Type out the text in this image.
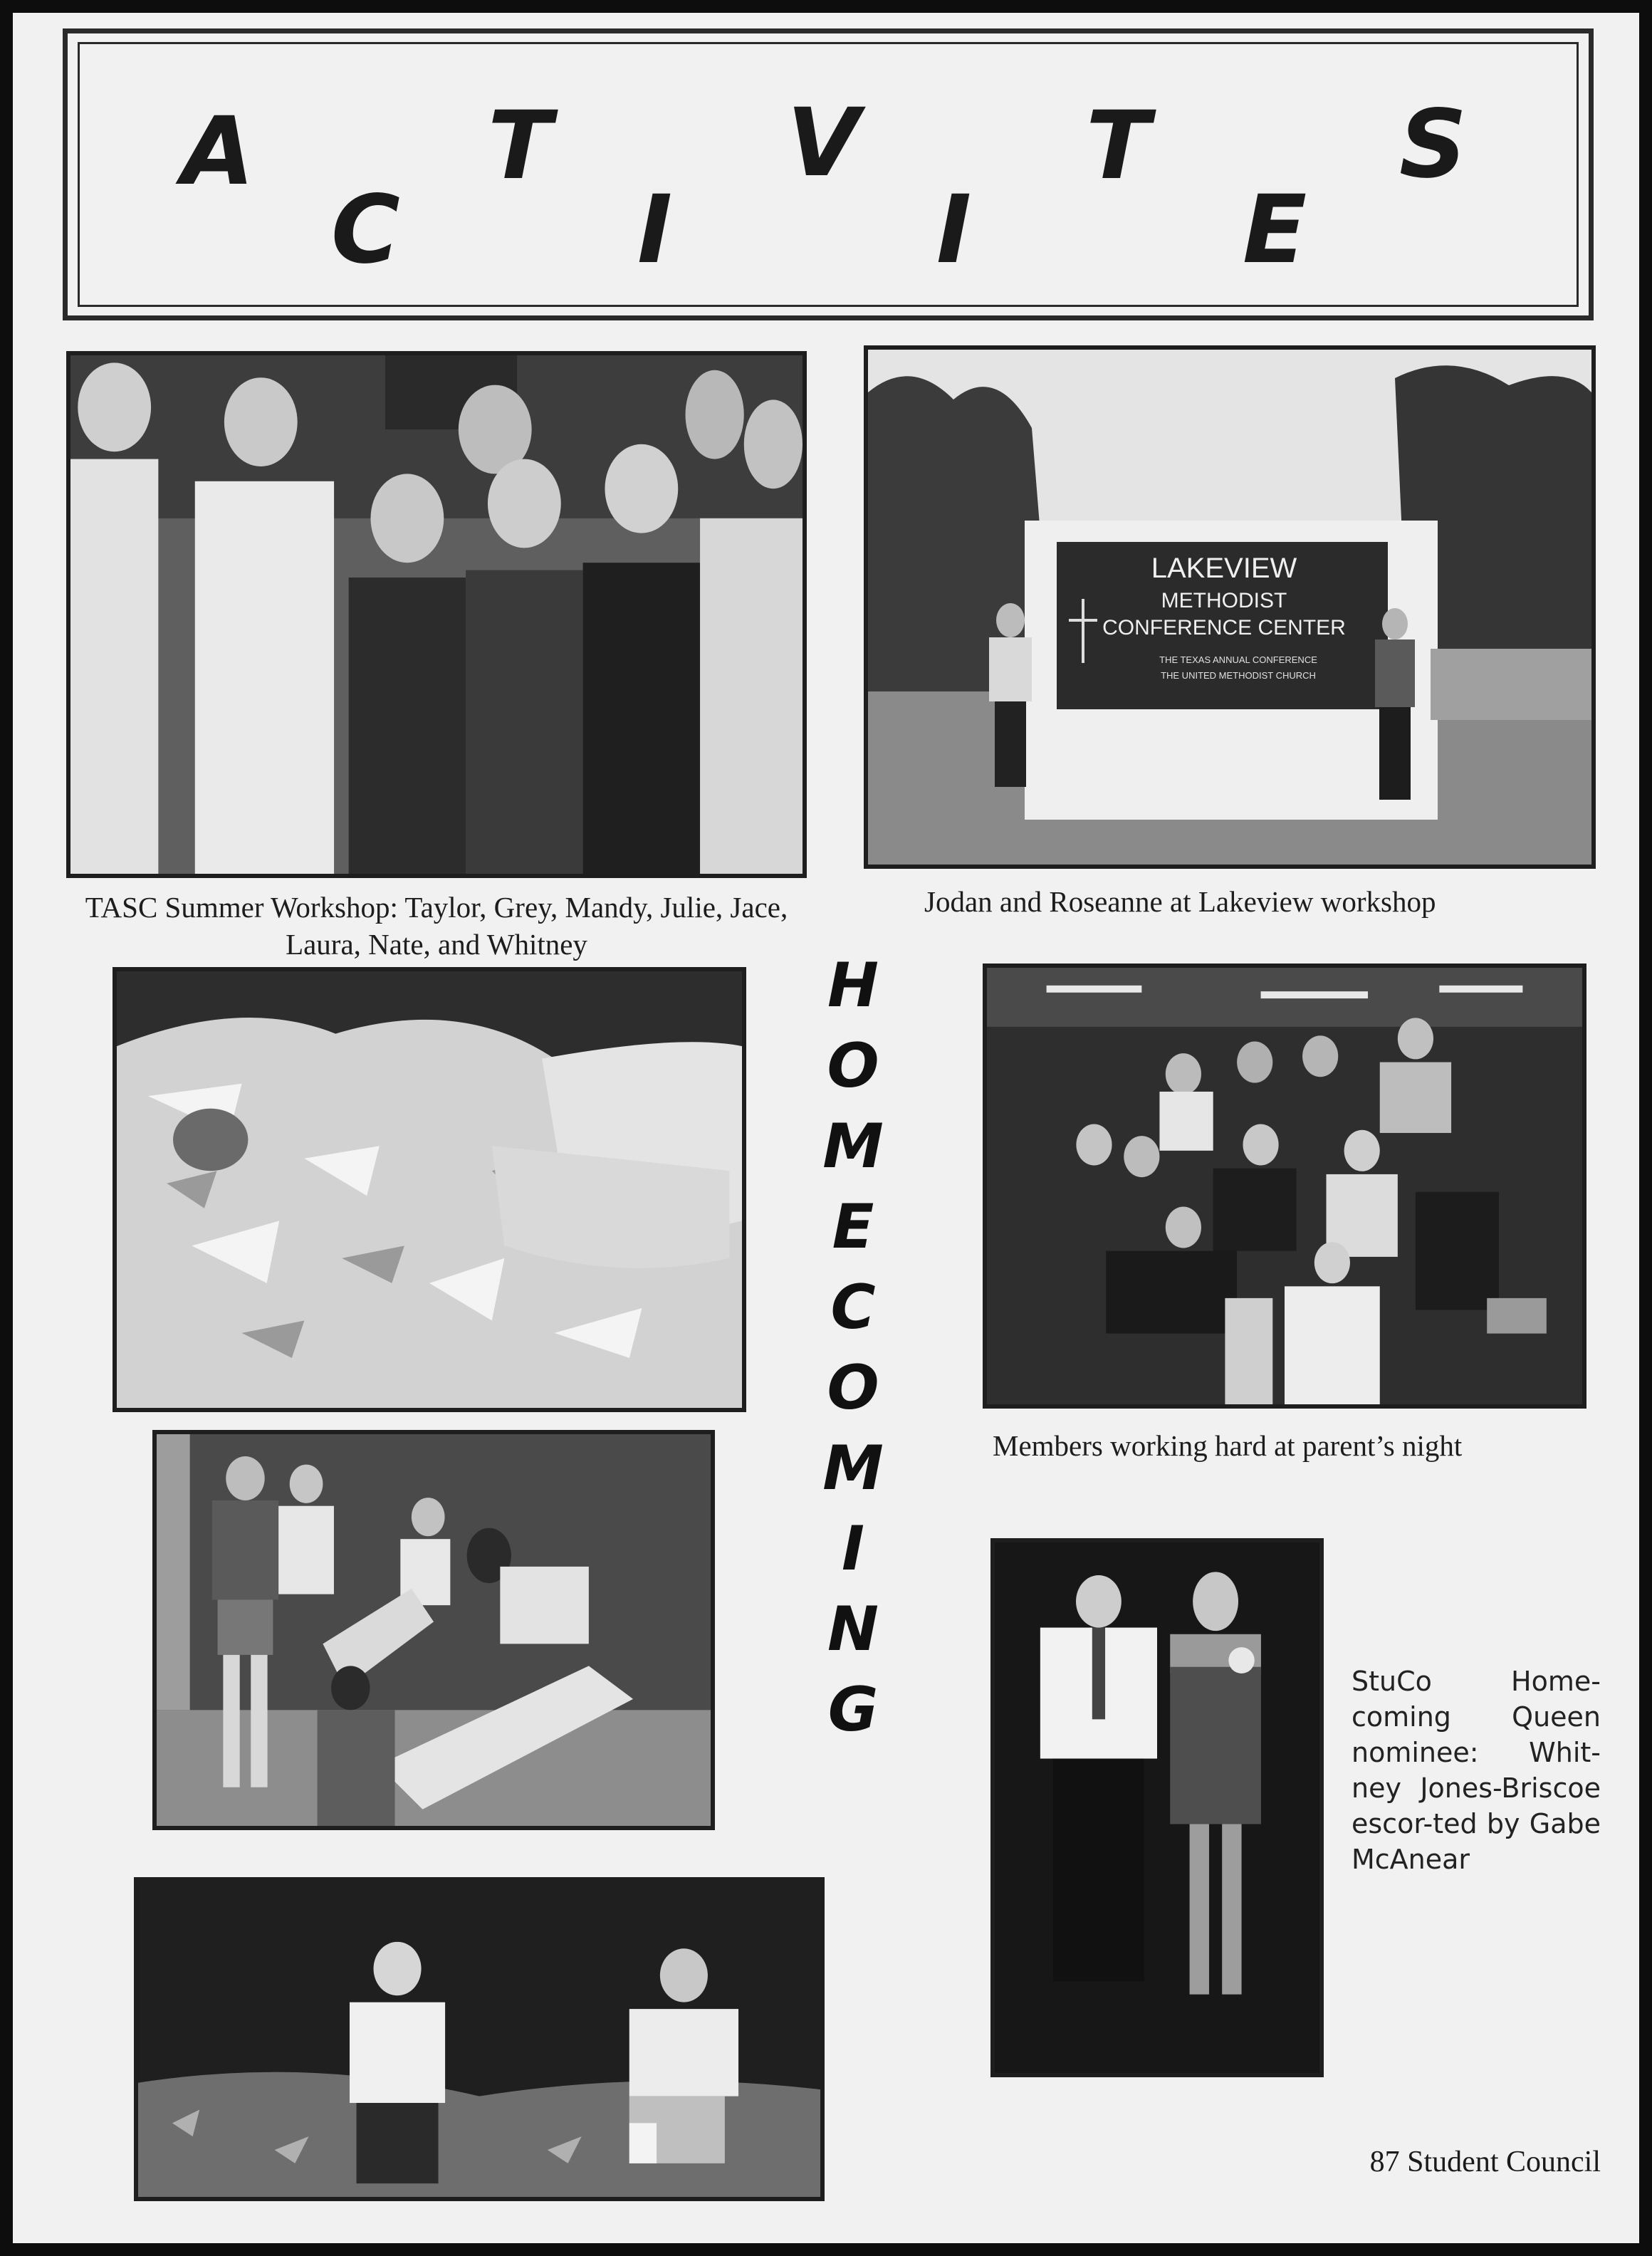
A T V T	S
C	I	I	E
TASC Summer Workshop: Taylor, Grey, Mandy, Julie, Jace, Laura, Nate, and Whitney
LAKEVIEW
METHODIST
CONFERENCE CENTER
THE TEXAS ANNUAL CONFERENCE
THE UNITED METHODIST CHURCH
Jodan and Roseanne at Lakeview workshop
Members working hard at parent’s night
H
O
M
E
C
O
M
I
N
G	StuCo Home-coming Queen nominee: Whit-ney Jones-Briscoe escor-ted by Gabe McAnear
87 Student Council
